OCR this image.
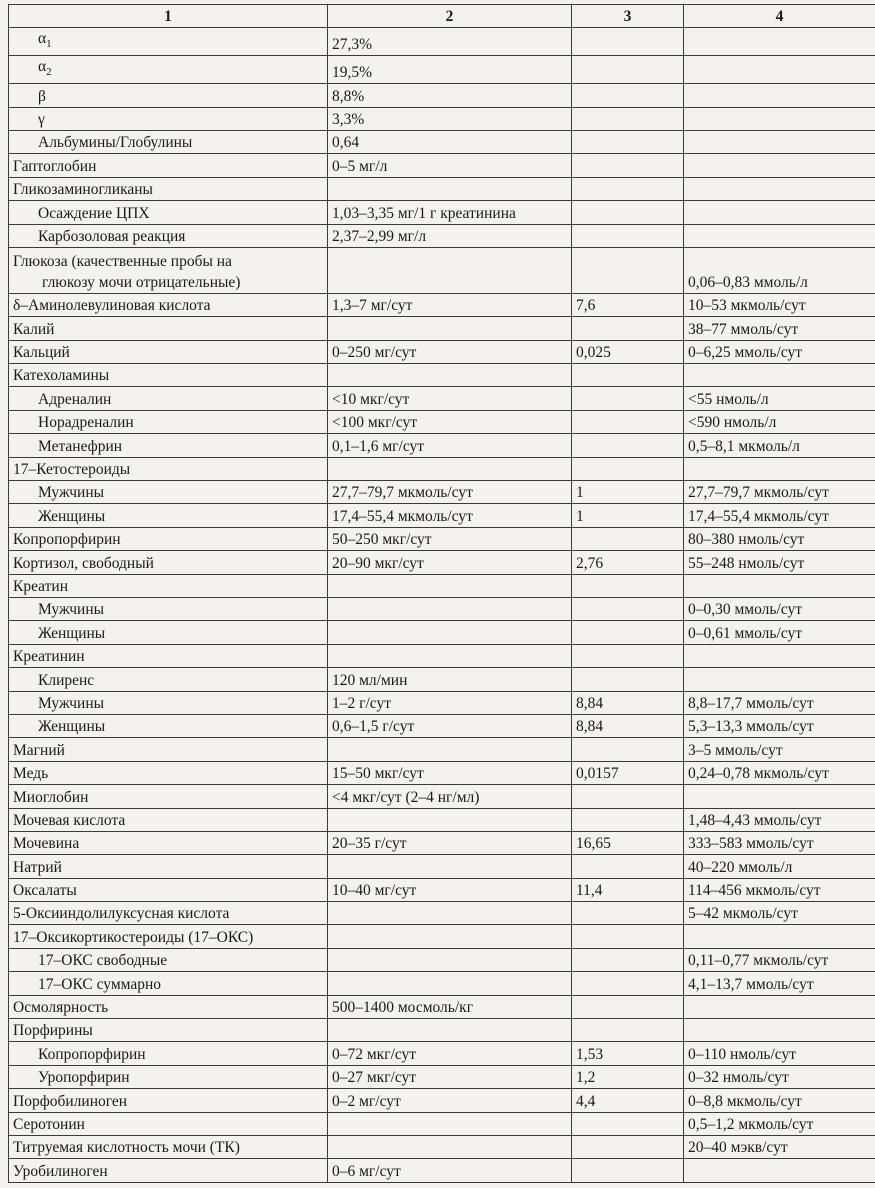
1	2	3	4
$\alpha_1$	27,3%		
$\alpha_2$	19,5%		
β	8,8%		
γ	3,3%		
Альбумины/Глобулины	0,64		
Гаптоглобин	0–5 мг/л		
Гликозаминогликаны			
Осаждение ЦПХ	1,03–3,35 мг/1 г креатинина		
Карбозоловая реакция	2,37–2,99 мг/л		
Глюкоза (качественные пробы на
глюкозу мочи отрицательные)			0,06–0,83 ммоль/л
δ–Аминолевулиновая кислота	1,3–7 мг/сут	7,6	10–53 мкмоль/сут
Калий			38–77 ммоль/сут
Кальций	0–250 мг/сут	0,025	0–6,25 ммоль/сут
Катехоламины			
Адреналин	<10 мкг/сут		<55 нмоль/л
Норадреналин	<100 мкг/сут		<590 нмоль/л
Метанефрин	0,1–1,6 мг/сут		0,5–8,1 мкмоль/л
17–Кетостероиды			
Мужчины	27,7–79,7 мкмоль/сут	1	27,7–79,7 мкмоль/сут
Женщины	17,4–55,4 мкмоль/сут	1	17,4–55,4 мкмоль/сут
Копропорфирин	50–250 мкг/сут		80–380 нмоль/сут
Кортизол, свободный	20–90 мкг/сут	2,76	55–248 нмоль/сут
Креатин			
Мужчины			0–0,30 ммоль/сут
Женщины			0–0,61 ммоль/сут
Креатинин			
Клиренс	120 мл/мин		
Мужчины	1–2 г/сут	8,84	8,8–17,7 ммоль/сут
Женщины	0,6–1,5 г/сут	8,84	5,3–13,3 ммоль/сут
Магний			3–5 ммоль/сут
Медь	15–50 мкг/сут	0,0157	0,24–0,78 мкмоль/сут
Миоглобин	<4 мкг/сут (2–4 нг/мл)		
Мочевая кислота			1,48–4,43 ммоль/сут
Мочевина	20–35 г/сут	16,65	333–583 ммоль/сут
Натрий			40–220 ммоль/л
Оксалаты	10–40 мг/сут	11,4	114–456 мкмоль/сут
5-Оксииндолилуксусная кислота			5–42 мкмоль/сут
17–Оксикортикостероиды (17–ОКС)			
17–ОКС свободные			0,11–0,77 мкмоль/сут
17–ОКС суммарно			4,1–13,7 ммоль/сут
Осмолярность	500–1400 мосмоль/кг		
Порфирины			
Копропорфирин	0–72 мкг/сут	1,53	0–110 нмоль/сут
Уропорфирин	0–27 мкг/сут	1,2	0–32 нмоль/сут
Порфобилиноген	0–2 мг/сут	4,4	0–8,8 мкмоль/сут
Серотонин			0,5–1,2 мкмоль/сут
Титруемая кислотность мочи (ТК)			20–40 мэкв/сут
Уробилиноген	0–6 мг/сут		
